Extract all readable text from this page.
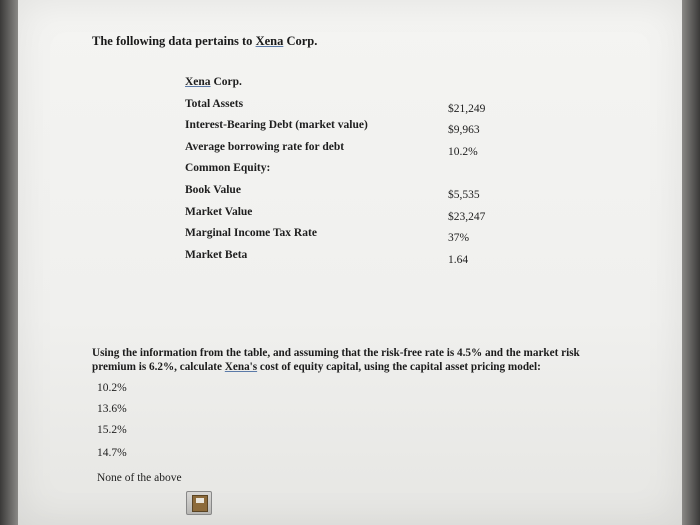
The following data pertains to Xena Corp.
Xena Corp.
Total Assets	$21,249
Interest-Bearing Debt (market value)	$9,963
Average borrowing rate for debt	10.2%
Common Equity:
Book Value	$5,535
Market Value	$23,247
Marginal Income Tax Rate	37%
Market Beta	1.64
Using the information from the table, and assuming that the risk-free rate is 4.5% and the market risk premium is 6.2%, calculate Xena's cost of equity capital, using the capital asset pricing model:
10.2%
13.6%
15.2%
14.7%
None of the above
